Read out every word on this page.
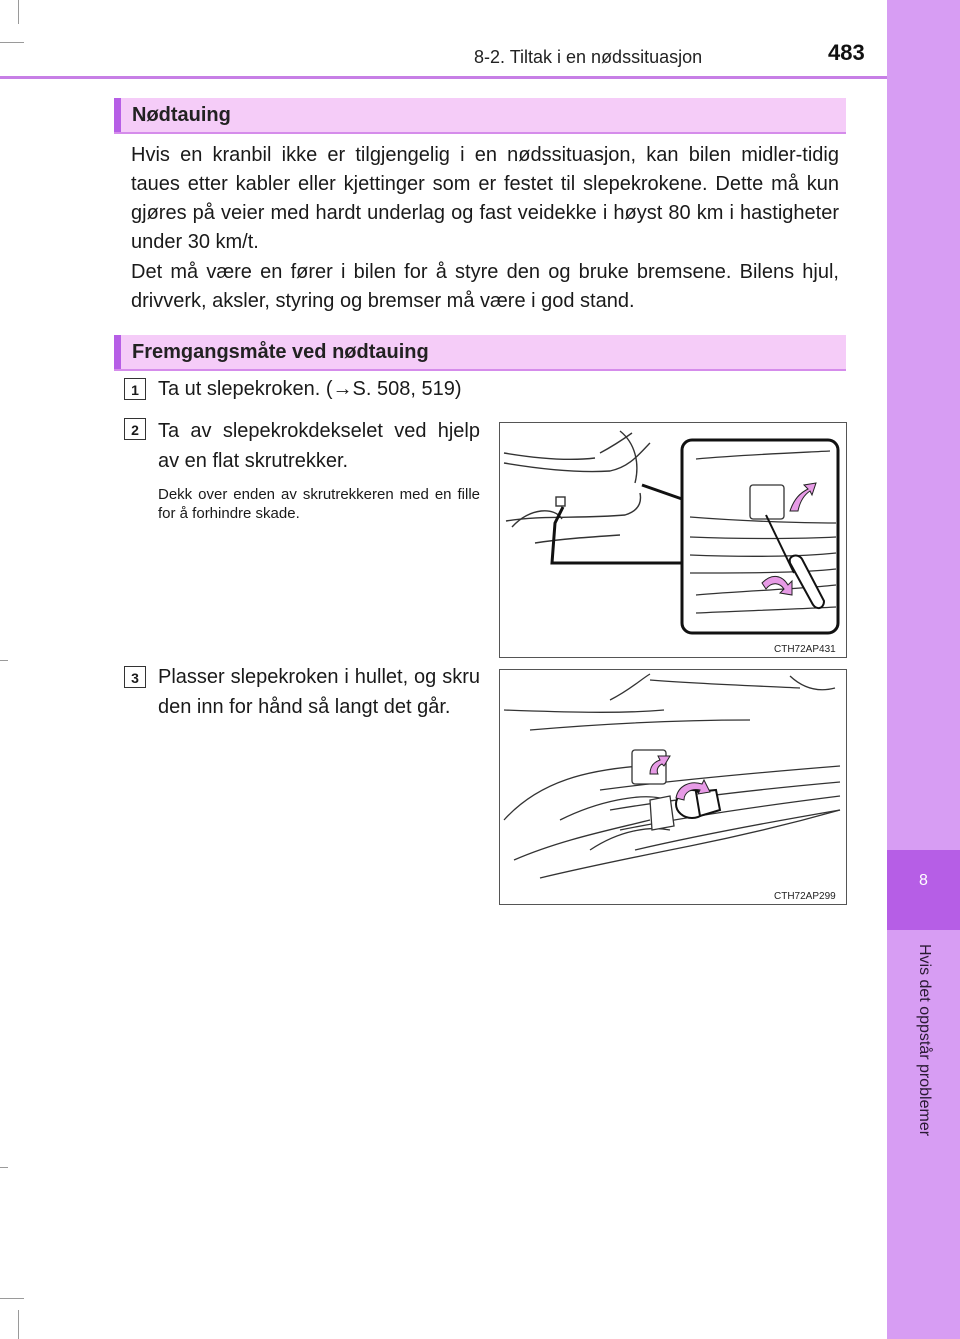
8
Hvis det oppstår problemer
8-2. Tiltak i en nødssituasjon	483
Nødtauing

Hvis en kranbil ikke er tilgjengelig i en nødssituasjon, kan bilen midler-tidig taues etter kabler eller kjettinger som er festet til slepekrokene. Dette må kun gjøres på veier med hardt underlag og fast veidekke i høyst 80 km i hastigheter under 30 km/t.

Det må være en fører i bilen for å styre den og bruke bremsene. Bilens hjul, drivverk, aksler, styring og bremser må være i god stand.

Fremgangsmåte ved nødtauing
1 Ta ut slepekroken. (→S. 508, 519)

2 Ta av slepekrokdekselet ved hjelp av en flat skrutrekker.

Dekk over enden av skrutrekkeren med en fille for å forhindre skade.

CTH72AP431
3 Plasser slepekroken i hullet, og skru den inn for hånd så langt det går.

CTH72AP299
